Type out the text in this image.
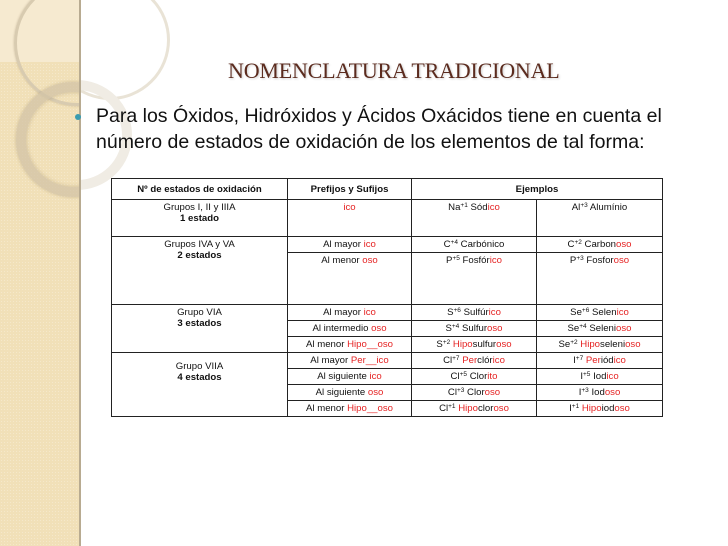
NOMENCLATURA TRADICIONAL
Para los Óxidos, Hidróxidos y Ácidos Oxácidos tiene en cuenta el número de estados de oxidación de los elementos de tal forma:
Nº de estados de oxidación	Prefijos y Sufijos	Ejemplos	
Grupos I, II y IIIA
1 estado	ico	$Na^{+1}$ Sódico	$Al^{+3}$ Alumínio
Grupos IVA y VA
2 estados	Al mayor ico	$C^{+4}$ Carbónico	$C^{+2}$ Carbonoso
	Al menor oso	$P^{+5}$ Fosfórico	$P^{+3}$ Fosforoso
Grupo VIA
3 estados	Al mayor ico	$S^{+6}$ Sulfúrico	$Se^{+6}$ Selenico
	Al intermedio oso	$S^{+4}$ Sulfuroso	$Se^{+4}$ Selenioso
	Al menor Hipo__oso	$S^{+2}$ Hiposulfuroso	$Se^{+2}$ Hiposelenioso
Grupo VIIA
4 estados	Al mayor Per__ico	$Cl^{+7}$ Perclórico	$I^{+7}$ Periódico
	Al siguiente ico	$Cl^{+5}$ Clorito	$I^{+5}$ Iodico
	Al siguiente oso	$Cl^{+3}$ Cloroso	$I^{+3}$ Iodoso
	Al menor Hipo__oso	$Cl^{+1}$ Hipocloroso	$I^{+1}$ Hipoiodoso
